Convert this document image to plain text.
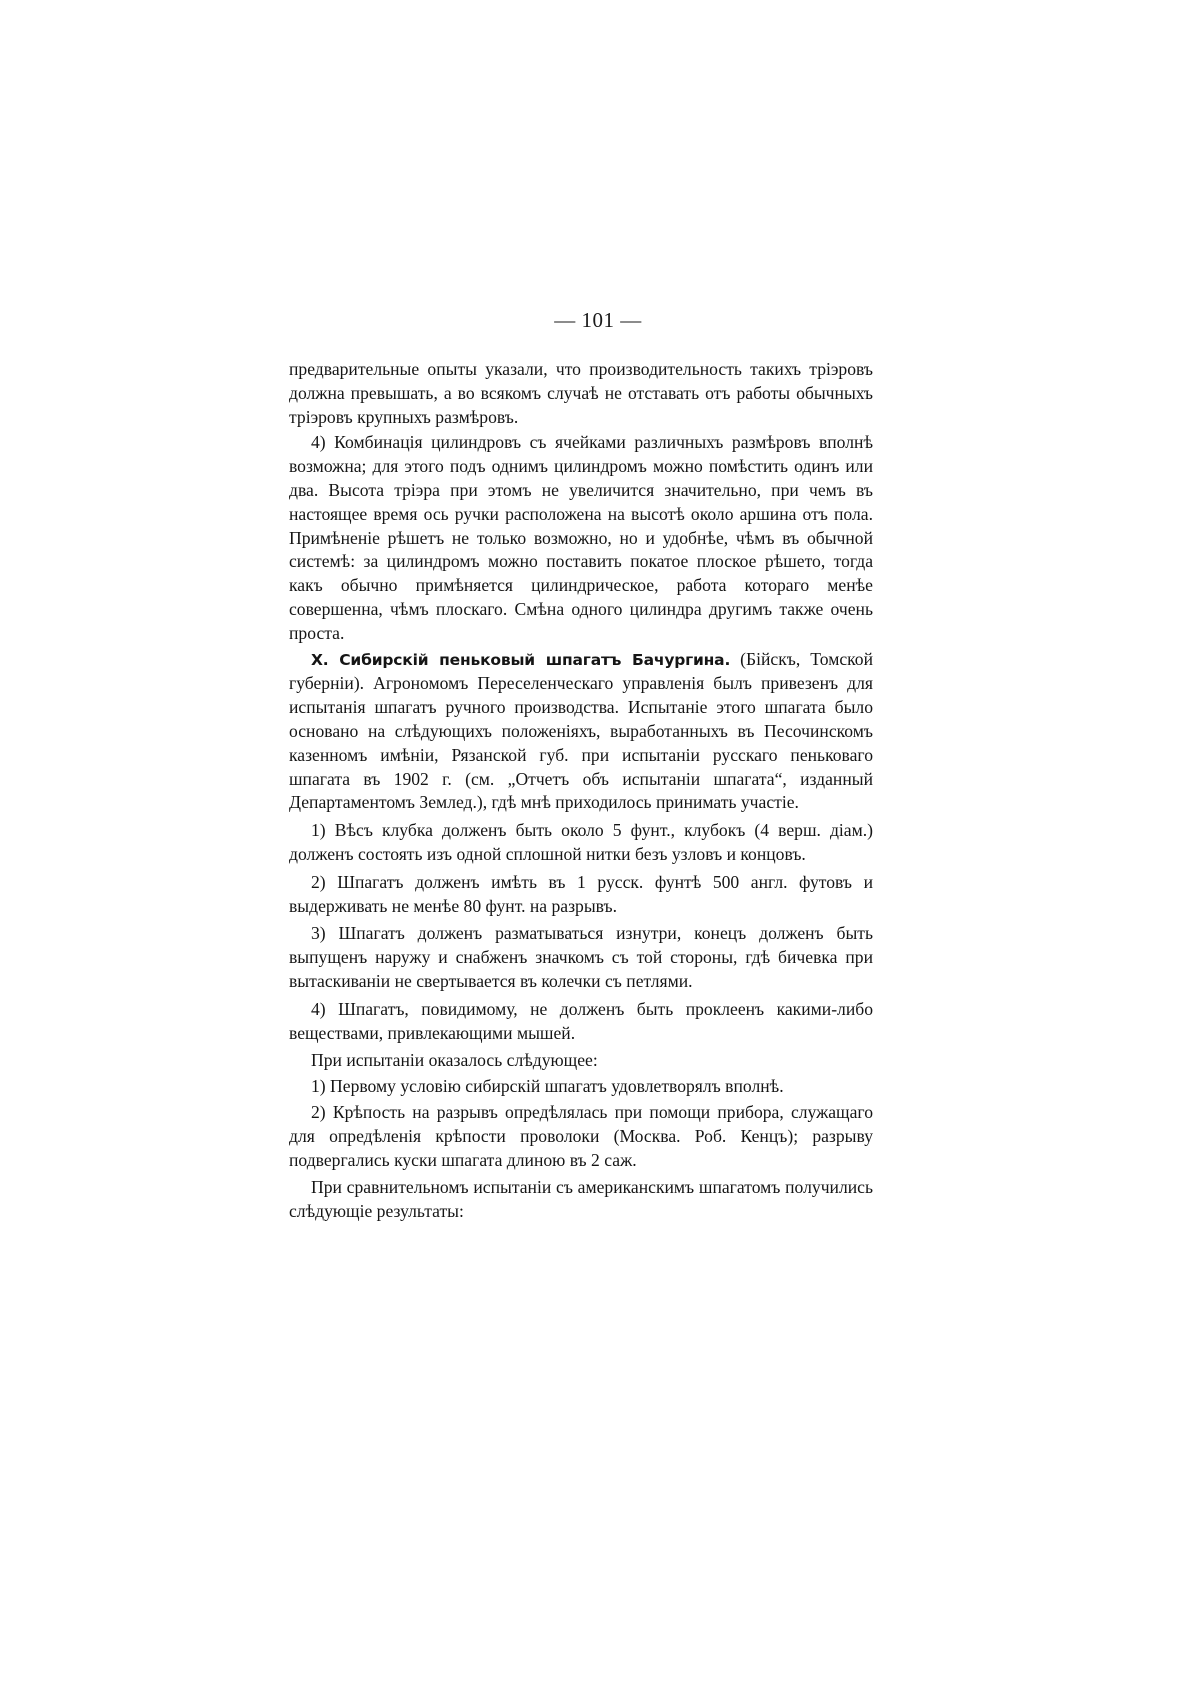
— 101 —

предварительные опыты указали, что производительность такихъ тріэровъ должна превышать, а во всякомъ случаѣ не отставать отъ работы обычныхъ тріэровъ крупныхъ размѣровъ.

4) Комбинація цилиндровъ съ ячейками различныхъ размѣровъ вполнѣ возможна; для этого подъ однимъ цилиндромъ можно помѣстить одинъ или два. Высота тріэра при этомъ не увеличится значительно, при чемъ въ настоящее время ось ручки расположена на высотѣ около аршина отъ пола. Примѣненіе рѣшетъ не только возможно, но и удобнѣе, чѣмъ въ обычной системѣ: за цилиндромъ можно поставить покатое плоское рѣшето, тогда какъ обычно примѣняется цилиндрическое, работа котораго менѣе совершенна, чѣмъ плоскаго. Смѣна одного цилиндра другимъ также очень проста.

X. Сибирскій пеньковый шпагатъ Бачургина. (Бійскъ, Томской губерніи). Агрономомъ Переселенческаго управленія былъ привезенъ для испытанія шпагатъ ручного производства. Испытаніе этого шпагата было основано на слѣдующихъ положеніяхъ, выработанныхъ въ Песочинскомъ казенномъ имѣніи, Рязанской губ. при испытаніи русскаго пеньковаго шпагата въ 1902 г. (см. „Отчетъ объ испытаніи шпагата“, изданный Департаментомъ Землед.), гдѣ мнѣ приходилось принимать участіе.

1) Вѣсъ клубка долженъ быть около 5 фунт., клубокъ (4 верш. діам.) долженъ состоять изъ одной сплошной нитки безъ узловъ и концовъ.

2) Шпагатъ долженъ имѣть въ 1 русск. фунтѣ 500 англ. футовъ и выдерживать не менѣе 80 фунт. на разрывъ.

3) Шпагатъ долженъ разматываться изнутри, конецъ долженъ быть выпущенъ наружу и снабженъ значкомъ съ той стороны, гдѣ бичевка при вытаскиваніи не свертывается въ колечки съ петлями.

4) Шпагатъ, повидимому, не долженъ быть проклеенъ какими-либо веществами, привлекающими мышей.

При испытаніи оказалось слѣдующее:

1) Первому условію сибирскій шпагатъ удовлетворялъ вполнѣ.

2) Крѣпость на разрывъ опредѣлялась при помощи прибора, служащаго для опредѣленія крѣпости проволоки (Москва. Роб. Кенцъ); разрыву подвергались куски шпагата длиною въ 2 саж.

При сравнительномъ испытаніи съ американскимъ шпагатомъ получились слѣдующіе результаты:
